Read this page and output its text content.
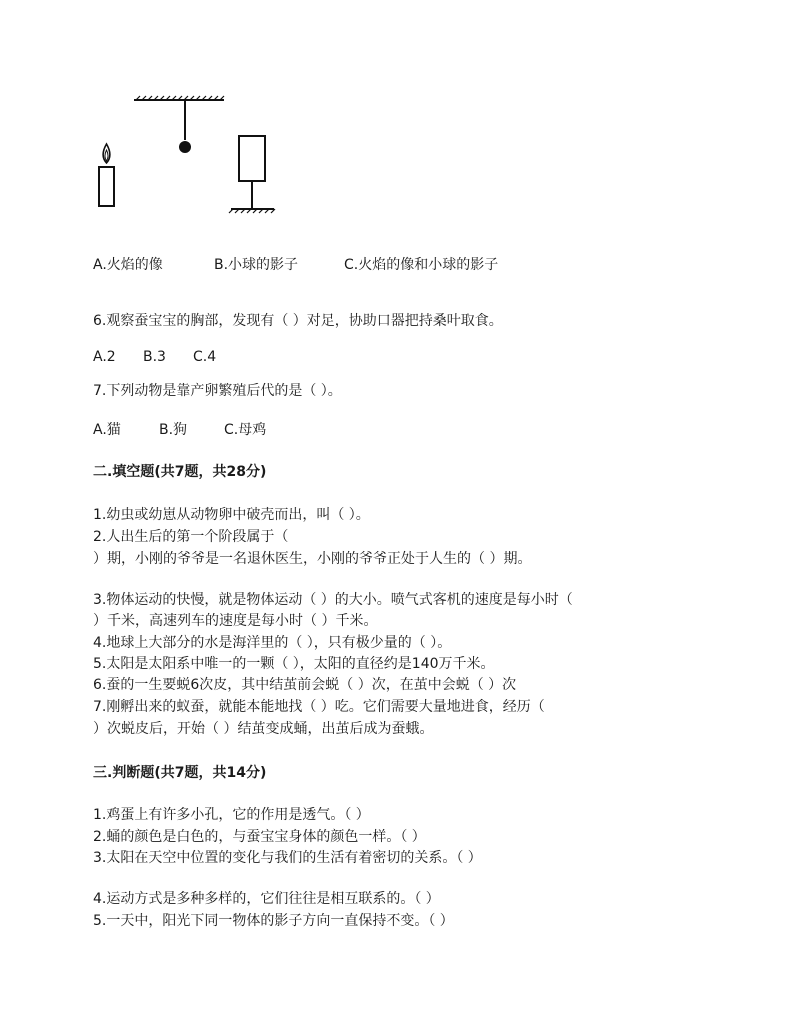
A.火焰的像	B.小球的影子	C.火焰的像和小球的影子
6.观察蚕宝宝的胸部，发现有（ ）对足，协助口器把持桑叶取食。
A.2 B.3 C.4
7.下列动物是靠产卵繁殖后代的是（ ）。
A.猫	B.狗	C.母鸡
二.填空题(共7题，共28分)
1.幼虫或幼崽从动物卵中破壳而出，叫（ ）。
2.人出生后的第一个阶段属于（
）期，小刚的爷爷是一名退休医生，小刚的爷爷正处于人生的（ ）期。
3.物体运动的快慢，就是物体运动（ ）的大小。喷气式客机的速度是每小时（
）千米，高速列车的速度是每小时（ ）千米。
4.地球上大部分的水是海洋里的（ ），只有极少量的（ ）。
5.太阳是太阳系中唯一的一颗（ ），太阳的直径约是140万千米。
6.蚕的一生要蜕6次皮，其中结茧前会蜕（ ）次，在茧中会蜕（ ）次
7.刚孵出来的蚁蚕，就能本能地找（ ）吃。它们需要大量地进食，经历（
）次蜕皮后，开始（ ）结茧变成蛹，出茧后成为蚕蛾。
三.判断题(共7题，共14分)
1.鸡蛋上有许多小孔，它的作用是透气。（ ）
2.蛹的颜色是白色的，与蚕宝宝身体的颜色一样。（ ）
3.太阳在天空中位置的变化与我们的生活有着密切的关系。（ ）
4.运动方式是多种多样的，它们往往是相互联系的。（ ）
5.一天中，阳光下同一物体的影子方向一直保持不变。（ ）
